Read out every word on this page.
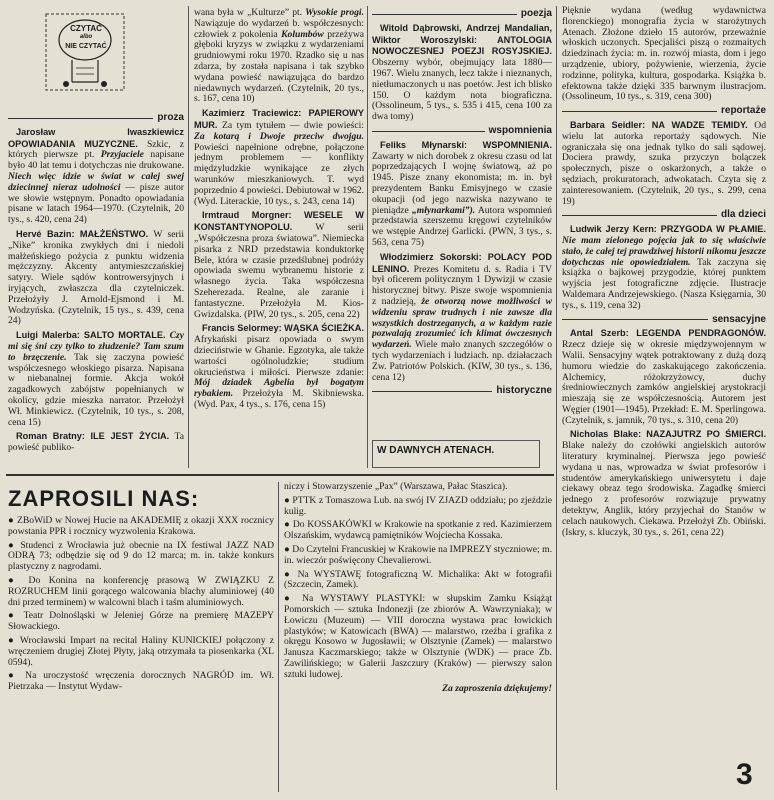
CZYTAĆ
albo
NIE CZYTAĆ
proza

Jarosław Iwaszkiewicz OPOWIADANIA MUZYCZNE. Szkic, z których pierwsze pt. Przyjaciele napisane było 40 lat temu i dotychczas nie drukowane. Niech więc idzie w świat w całej swej dziecinnej nieraz udolności — pisze autor we słowie wstępnym. Ponadto opowiadania pisane w latach 1964—1970. (Czytelnik, 20 tys., s. 420, cena 24)

Hervé Bazin: MAŁŻEŃSTWO. W serii „Nike” kronika zwykłych dni i niedoli małżeńskiego pożycia z punktu widzenia mężczyzny. Akcenty antymieszczańskiej satyry. Wiele sądów kontrowersyjnych i iryjących, zwłaszcza dla czytelniczek. Przełożyły J. Arnold-Ejsmond i M. Wodzyńska. (Czytelnik, 15 tys., s. 439, cena 24)

Luigi Malerba: SALTO MORTALE. Czy mi się śni czy tylko to złudzenie? Tam szum to brzęczenie. Tak się zaczyna powieść współczesnego włoskiego pisarza. Napisana w niebanalnej formie. Akcja wokół zagadkowych zabójstw popełnianych w okolicy, gdzie mieszka narrator. Przełożył Wł. Minkiewicz. (Czytelnik, 10 tys., s. 208, cena 15)

Roman Bratny: ILE JEST ŻYCIA. Ta powieść publiko-

wana była w „Kulturze” pt. Wysokie progi. Nawiązuje do wydarzeń b. współczesnych: człowiek z pokolenia Kolumbów przeżywa głęboki kryzys w związku z wydarzeniami grudniowymi roku 1970. Rzadko się u nas zdarza, by została napisana i tak szybko wydana powieść nawiązująca do bardzo niedawnych wydarzeń. (Czytelnik, 20 tys., s. 167, cena 10)

Kazimierz Traciewicz: PAPIEROWY MUR. Za tym tytułem — dwie powieści: Za kotarą i Dwoje przeciw dwojgu. Powieści napełnione odrębne, połączone jednym problemem — konflikty międzyludzkie wynikające ze złych warunków mieszkaniowych. T. wyd poprzednio 4 powieści. Debiutował w 1962. (Wyd. Literackie, 10 tys., s. 243, cena 14)

Irmtraud Morgner: WESELE W KONSTANTYNOPOLU. W serii „Współczesna proza światowa”. Niemiecka pisarka z NRD przedstawia konduktorkę Bele, która w czasie przedślubnej podróży opowiada swemu wybranemu historie z własnego życia. Taka współczesna Szeherezada. Realne, ale zaranie i fantastyczne. Przełożyła M. Kios-Gwizdalska. (PIW, 20 tys., s. 205, cena 22)

Francis Selormey: WĄSKA ŚCIEŻKA. Afrykański pisarz opowiada o swym dzieciństwie w Ghanie. Egzotyka, ale także wartości ogólnoludzkie; studium okrucieństwa i miłości. Pierwsze zdanie: Mój dziadek Agbelia był bogatym rybakiem. Przełożyła M. Skibniewska. (Wyd. Pax, 4 tys., s. 176, cena 15)

poezja

Witold Dąbrowski, Andrzej Mandalian, Wiktor Woroszylski: ANTOLOGIA NOWOCZESNEJ POEZJI ROSYJSKIEJ. Obszerny wybór, obejmujący lata 1880—1967. Wielu znanych, lecz także i nieznanych, nietłumaczonych u nas poetów. Jest ich blisko 150. O każdym nota biograficzna. (Ossolineum, 5 tys., s. 535 i 415, cena 100 za dwa tomy)

wspomnienia

Feliks Młynarski: WSPOMNIENIA. Zawarty w nich dorobek z okresu czasu od lat poprzedzających I wojnę światową, aż po 1945. Pisze znany ekonomista; m. in. był prezydentem Banku Emisyjnego w czasie okupacji (od jego nazwiska nazywano te pieniądze „młynarkami”). Autora wspomnień przedstawia szerszemu kręgowi czytelników we wstępie Andrzej Garlicki. (PWN, 3 tys., s. 563, cena 75)

Włodzimierz Sokorski: POLACY POD LENINO. Prezes Komitetu d. s. Radia i TV był oficerem politycznym 1 Dywizji w czasie historycznej bitwy. Pisze swoje wspomnienia z nadzieją, że otworzą nowe możliwości w widzeniu spraw trudnych i nie zawsze dla wszystkich dostrzeganych, a w każdym razie pozwalają zrozumieć ich klimat ówczesnych wydarzeń. Wiele mało znanych szczegółów o tych wydarzeniach i ludziach. np. działaczach Zw. Patriotów Polskich. (KIW, 30 tys., s. 136, cena 12)

historyczne
W DAWNYCH ATENACH.

Pięknie wydana (według wydawnictwa florenckiego) monografia życia w starożytnych Atenach. Złożone dzieło 15 autorów, przeważnie włoskich uczonych. Specjaliści piszą o rozmaitych dziedzinach życia: m. in. rozwój miasta, dom i jego urządzenie, ubiory, pożywienie, wierzenia, życie rodzinne, polityka, kultura, gospodarka. Książka b. efektowna także dzięki 335 barwnym ilustracjom. (Ossolineum, 10 tys., s. 319, cena 300)

reportaże

Barbara Seidler: NA WADZE TEMIDY. Od wielu lat autorka reportaży sądowych. Nie ograniczała się ona jednak tylko do sali sądowej. Dociera prawdy, szuka przyczyn bolączek społecznych, pisze o oskarżonych, a także o sędziach, prokuratorach, adwokatach. Czyta się z zainteresowaniem. (Czytelnik, 20 tys., s. 299, cena 19)

dla dzieci

Ludwik Jerzy Kern: PRZYGODA W PŁAMIE. Nie mam zielonego pojęcia jak to się właściwie stało, że całej tej prawdziwej historii nikomu jeszcze dotychczas nie opowiedziałem. Tak zaczyna się książka o bajkowej przygodzie, której punktem wyjścia jest fotograficzne zdjęcie. Ilustracje Waldemara Andrzejewskiego. (Nasza Księgarnia, 30 tys., s. 119, cena 32)

sensacyjne

Antal Szerb: LEGENDA PENDRAGONÓW. Rzecz dzieje się w okresie międzywojennym w Walii. Sensacyjny wątek potraktowany z dużą dozą humoru wiedzie do zaskakującego zakończenia. Alchemicy, różokrzyżowcy, duchy średniowiecznych zamków angielskiej arystokracji mieszają się ze współczesnością. Autorem jest Węgier (1901—1945). Przekład: E. M. Sperlingowa. (Czytelnik, s. jamnik, 70 tys., s. 310, cena 20)

Nicholas Blake: NAZAJUTRZ PO ŚMIERCI. Blake należy do czołówki angielskich autorów literatury kryminalnej. Pierwsza jego powieść wydana u nas, wprowadza w świat profesorów i studentów amerykańskiego uniwersytetu i daje ciekawy obraz tego środowiska. Zagadkę śmierci jednego z profesorów rozwiązuje prywatny detektyw, Anglik, który przyjechał do Stanów w celach naukowych. Ciekawa. Przełożył Zb. Obiński. (Iskry, s. kluczyk, 30 tys., s. 261, cena 22)

ZAPROSILI NAS:

● ZBoWiD w Nowej Hucie na AKADEMIĘ z okazji XXX rocznicy powstania PPR i rocznicy wyzwolenia Krakowa.

● Studenci z Wrocławia już obecnie na IX festiwal JAZZ NAD ODRĄ 73; odbędzie się od 9 do 12 marca; m. in. także konkurs plastyczny z nagrodami.

● Do Konina na konferencję prasową W ZWIĄZKU Z ROZRUCHEM linii gorącego walcowania blachy aluminiowej (40 dni przed terminem) w walcowni blach i taśm aluminiowych.

● Teatr Dolnośląski w Jeleniej Górze na premierę MAZEPY Słowackiego.

● Wrocławski Impart na recital Haliny KUNICKIEJ połączony z wręczeniem drugiej Złotej Płyty, jaką otrzymała ta piosenkarka (XL 0594).

● Na uroczystość wręczenia dorocznych NAGRÓD im. Wł. Pietrzaka — Instytut Wydaw-

niczy i Stowarzyszenie „Pax” (Warszawa, Pałac Staszica).

● PTTK z Tomaszowa Lub. na swój IV ZJAZD oddziału; po zjeździe kulig.

● Do KOSSAKÓWKI w Krakowie na spotkanie z red. Kazimierzem Olszańskim, wydawcą pamiętników Wojciecha Kossaka.

● Do Czytelni Francuskiej w Krakowie na IMPREZY styczniowe; m. in. wieczór poświęcony Chevalierowi.

● Na WYSTAWĘ fotograficzną W. Michalika: Akt w fotografii (Szczecin, Zamek).

● Na WYSTAWY PLASTYKI: w słupskim Zamku Książąt Pomorskich — sztuka Indonezji (ze zbiorów A. Wawrzyniaka); w Łowiczu (Muzeum) — VIII doroczna wystawa prac łowickich plastyków; w Katowicach (BWA) — malarstwo, rzeźba i grafika z okręgu Kosowo w Jugosławii; w Olsztynie (Zamek) — malarstwo Janusza Kaczmarskiego; także w Olsztynie (WDK) — prace Zb. Zawilińskiego; w Galerii Jaszczury (Kraków) — pierwszy salon sztuki ludowej.

Za zaproszenia dziękujemy!

3
